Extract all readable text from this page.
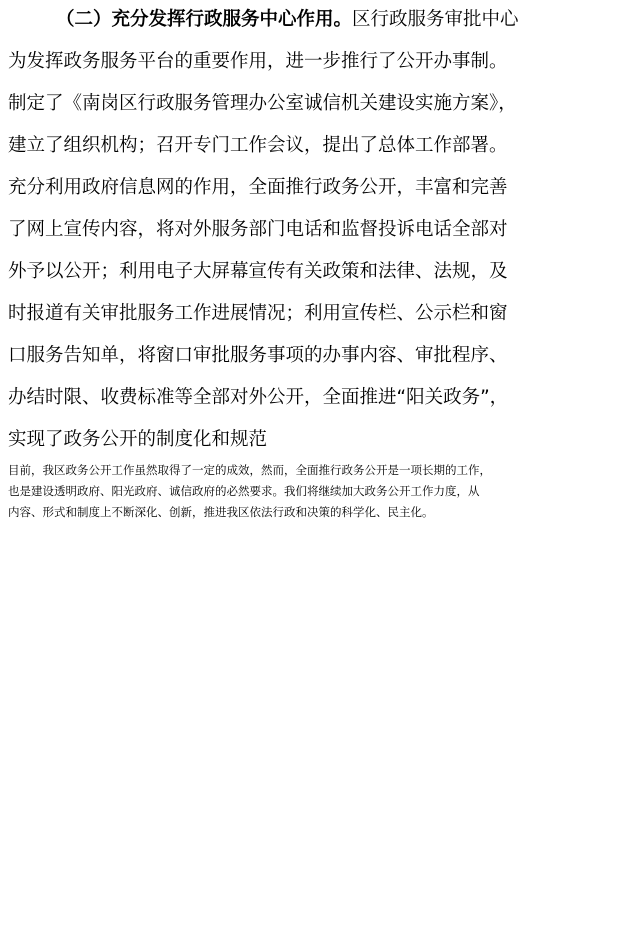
（二）充分发挥行政服务中心作用。区行政服务审批中心
为发挥政务服务平台的重要作用，进一步推行了公开办事制。
制定了《南岗区行政服务管理办公室诚信机关建设实施方案》，
建立了组织机构；召开专门工作会议，提出了总体工作部署。
充分利用政府信息网的作用，全面推行政务公开，丰富和完善
了网上宣传内容，将对外服务部门电话和监督投诉电话全部对
外予以公开；利用电子大屏幕宣传有关政策和法律、法规，及
时报道有关审批服务工作进展情况；利用宣传栏、公示栏和窗
口服务告知单，将窗口审批服务事项的办事内容、审批程序、
办结时限、收费标准等全部对外公开，全面推进“阳关政务”，
实现了政务公开的制度化和规范
目前，我区政务公开工作虽然取得了一定的成效，然而，全面推行政务公开是一项长期的工作，
也是建设透明政府、阳光政府、诚信政府的必然要求。我们将继续加大政务公开工作力度，从
内容、形式和制度上不断深化、创新，推进我区依法行政和决策的科学化、民主化。
